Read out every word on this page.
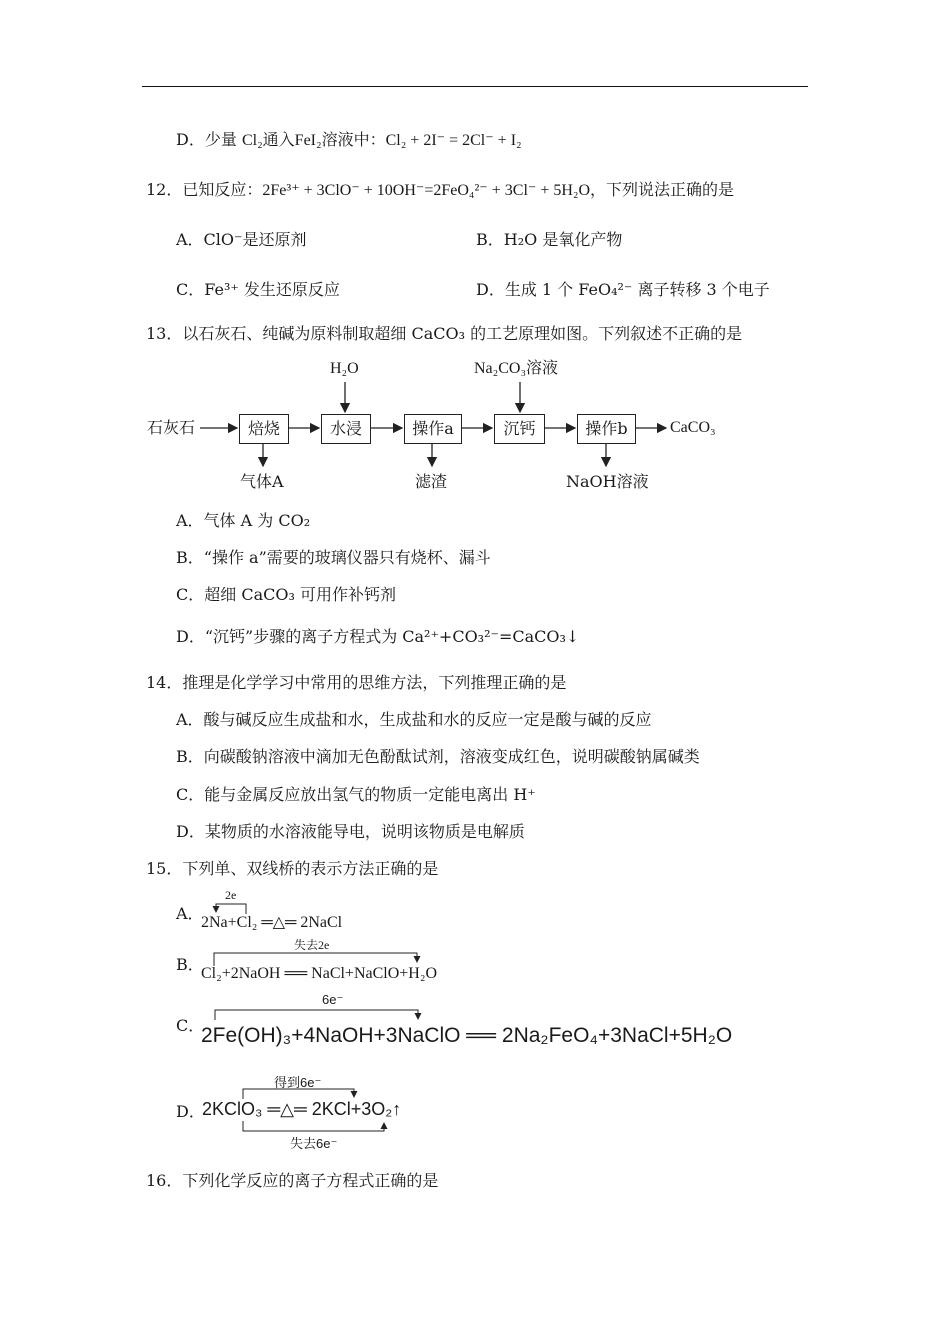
D．少量 Cl₂通入FeI₂溶液中：Cl₂ + 2I⁻ = 2Cl⁻ + I₂
12．已知反应：2Fe³⁺ + 3ClO⁻ + 10OH⁻=2FeO₄²⁻ + 3Cl⁻ + 5H₂O，下列说法正确的是
A．ClO⁻是还原剂	B．H₂O 是氧化产物
C．Fe³⁺ 发生还原反应	D．生成 1 个 FeO₄²⁻ 离子转移 3 个电子
13．以石灰石、纯碱为原料制取超细 CaCO₃ 的工艺原理如图。下列叙述不正确的是
石灰石	焙烧	水浸	操作a	沉钙	操作b	CaCO₃
H₂O	Na₂CO₃溶液
气体A	滤渣	NaOH溶液
A．气体 A 为 CO₂
B．“操作 a”需要的玻璃仪器只有烧杯、漏斗
C．超细 CaCO₃ 可用作补钙剂
D．“沉钙”步骤的离子方程式为 Ca²⁺+CO₃²⁻=CaCO₃↓
14．推理是化学学习中常用的思维方法，下列推理正确的是
A．酸与碱反应生成盐和水，生成盐和水的反应一定是酸与碱的反应
B．向碳酸钠溶液中滴加无色酚酞试剂，溶液变成红色，说明碳酸钠属碱类
C．能与金属反应放出氢气的物质一定能电离出 H⁺
D．某物质的水溶液能导电，说明该物质是电解质
15．下列单、双线桥的表示方法正确的是
A．
2e
2Na+Cl₂ ═△═ 2NaCl
B．
失去2e
Cl₂+2NaOH ══ NaCl+NaClO+H₂O
C．
6e⁻
2Fe(OH)₃+4NaOH+3NaClO ══ 2Na₂FeO₄+3NaCl+5H₂O
D．
得到6e⁻
2KClO₃ ═△═ 2KCl+3O₂↑
失去6e⁻
16．下列化学反应的离子方程式正确的是
